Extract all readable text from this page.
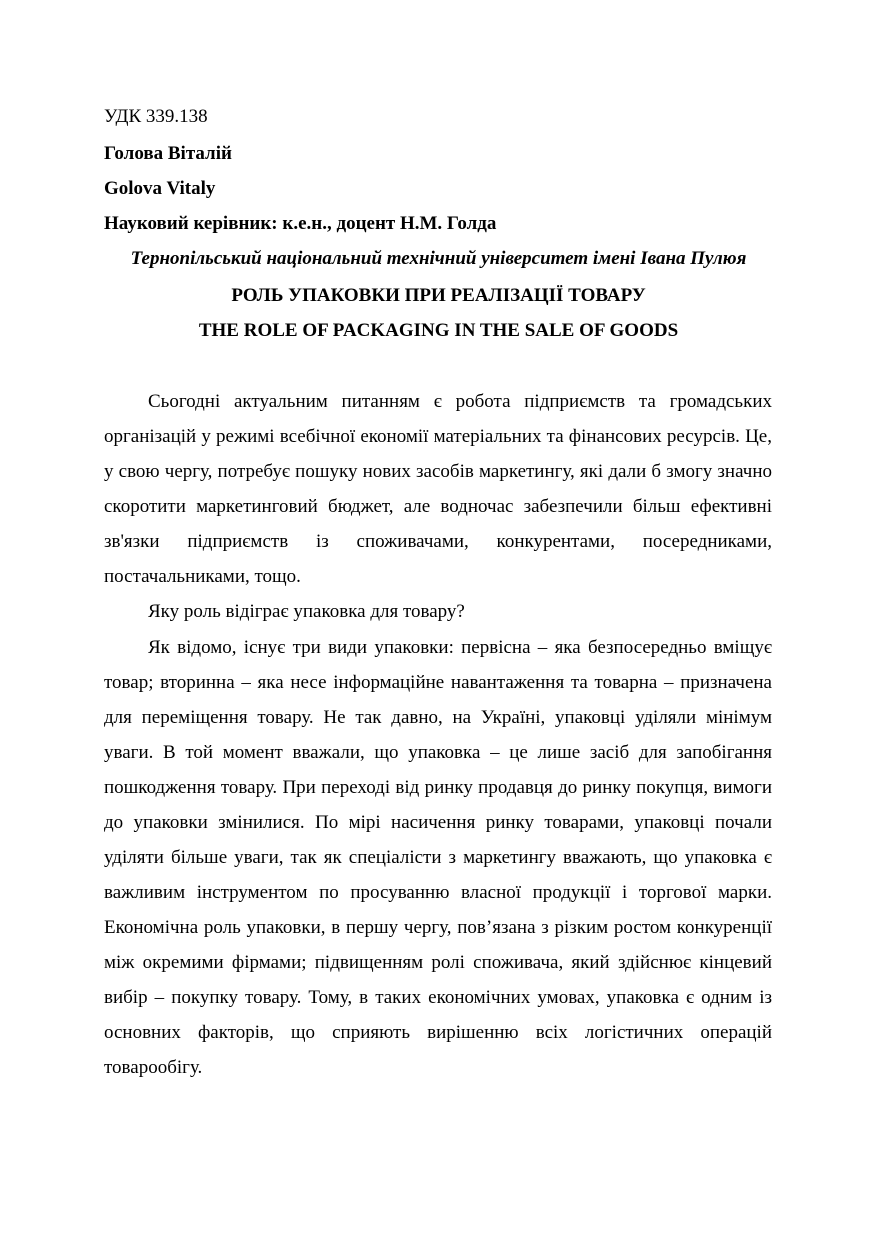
УДК 339.138
Голова Віталій
Golova Vitaly
Науковий керівник: к.е.н., доцент Н.М. Голда
Тернопільський національний технічний університет імені Івана Пулюя
РОЛЬ УПАКОВКИ ПРИ РЕАЛІЗАЦІЇ ТОВАРУ
THE ROLE OF PACKAGING IN THE SALE OF GOODS

Сьогодні актуальним питанням є робота підприємств та громадських організацій у режимі всебічної економії матеріальних та фінансових ресурсів. Це, у свою чергу, потребує пошуку нових засобів маркетингу, які дали б змогу значно скоротити маркетинговий бюджет, але водночас забезпечили більш ефективні зв'язки підприємств із споживачами, конкурентами, посередниками, постачальниками, тощо.

Яку роль відіграє упаковка для товару?

Як відомо, існує три види упаковки: первісна – яка безпосередньо вміщує товар; вторинна – яка несе інформаційне навантаження та товарна – призначена для переміщення товару. Не так давно, на Україні, упаковці уділяли мінімум уваги. В той момент вважали, що упаковка – це лише засіб для запобігання пошкодження товару. При переході від ринку продавця до ринку покупця, вимоги до упаковки змінилися. По мірі насичення ринку товарами, упаковці почали уділяти більше уваги, так як спеціалісти з маркетингу вважають, що упаковка є важливим інструментом по просуванню власної продукції і торгової марки. Економічна роль упаковки, в першу чергу, пов’язана з різким ростом конкуренції між окремими фірмами; підвищенням ролі споживача, який здійснює кінцевий вибір – покупку товару. Тому, в таких економічних умовах, упаковка є одним із основних факторів, що сприяють вирішенню всіх логістичних операцій товарообігу.
